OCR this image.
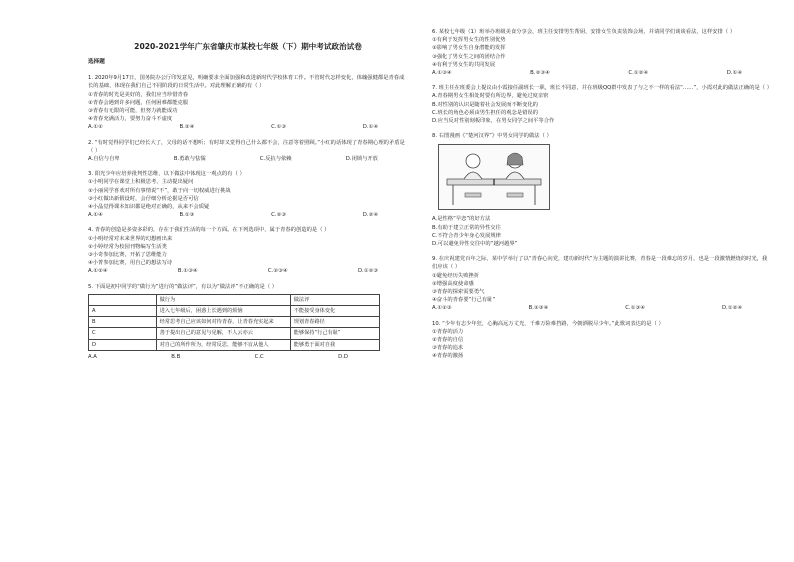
2020-2021学年广东省肇庆市某校七年级（下）期中考试政治试卷
选择题

1. 2020年9月17日，国务院办公厅印发意见，明确要求全面加强和改进新时代学校体育工作。不管时代怎样变化，体魄强健都是青春成长的基础，体现在我们自己不同阶段的日常生活中。对此理解正确的有（ ）

①青春的时光是美好的，我们应当珍惜青春

②青春会遇到许多问题，任何困难都能克服

③青春有无限的可能，但努力就能成功

④青春充满活力，要努力奋斗不虚度

A.①②	B.②④	C.①③	D.①④

2. “有时觉得同学们已经长大了，父母的话不想听；有时却又觉得自己什么都不会，注意等着照顾。”小红的话体现了青春期心理的矛盾是（ ）

A.自信与自卑	B.勇敢与怯懦	C.反抗与依赖	D.闭锁与开放

3. 阳光少年应培养批判性思维，以下做法中体现这一观点的有（ ）

①小明同学在课堂上积极思考，主动提出疑问

②小丽同学喜欢对所有事情说“不”，敢于向一切权威进行挑战

③小红做出新假设时，会仔细分析论据是否可信

④小晶觉得课本知识都是绝对正确的，从来不会质疑

A.①④	B.①③	C.②③	D.②④

4. 青春的创造是多姿多彩的，存在于我们生活的每一个方面。在下列选项中，属于青春的创造的是（ ）

①小明经常对未来世界的幻想画出来

②小婷经常为校园刊物编写生活类

③小奇参加比赛，开拓了思维能力

④小菁参加比赛，用自己的想法写诗

A.①②④	B.①③④	C.②③④	D.①②③

5. 下面是初中同学的“做行为”进行的“做法评”，有以为“做法评”不正确的是（ ）

	做行为	做法评
A	进入七年级后，困惑上长遇到的烦恼	不能接受身体变化
B	经常思考自己应该如何对待青春，让青春充实起来	规划青春路径
C	善于提出自己的意见与见解，不人云亦云	能够保持“行己有耻”
D	对自己的所作所为，经常反思，能够不盲从他人	能够勇于面对自我
A.A	B.B	C.C	D.D

6. 某校七年级（1）班举办班级美食分享会，班主任安排男生帮厨，安排女生负责装饰会场，并请同学们谈谈看法，这样安排（ ）

①有利于发挥男女生的性别优势

②影响了男女生自身潜能的发挥

③强化了男女生之间的团结合作

④有利于男女生的共同发展

A.①③④	B.②③④	C.①②④	D.①④

7. 班主任在班委会上提议由小霞接任副班长一职，班长不同意，并在班级QQ群中发表了与之不一样的看法“……”，小霞对此的做法正确的是（ ）

A.青春期男女生相处时要有所边界，避免过度亲密

B.对性别的认识是随着社会发展而不断变化的

C.班长的角色必须由男生担任的观念是错误的

D.应当反对性别刻板印象，在男女同学之间平等合作

8. 右图漫画《“楚河汉界”》中男女同学的做法（ ）

A.是性格“早恋”的好方法

B.有助于建立正常的异性交往

C.不符合青少年身心发展规律

D.可以避免异性交往中的“越河越界”

9. 在庆祝建党百年之际，某中学举行了以“青春心向党，建功新时代”为主题的演讲比赛，青春是一段难忘的岁月，也是一段激情燃烧的时光，我们应该（ ）

①避免经历失败挫折

②增强高度使命感

③青春的探索需要勇气

④奋斗的青春要“行己有耻”

A.①②③	B.②③④	C.①③④	D.①②④

10. “少年有志少年狂，心胸高远万丈光，千难万险难挡路，今朝洒脱尽少年。”此歌词表达的是（ ）

①青春的活力

②青春的自信

③青春的追求

④青春的激扬
